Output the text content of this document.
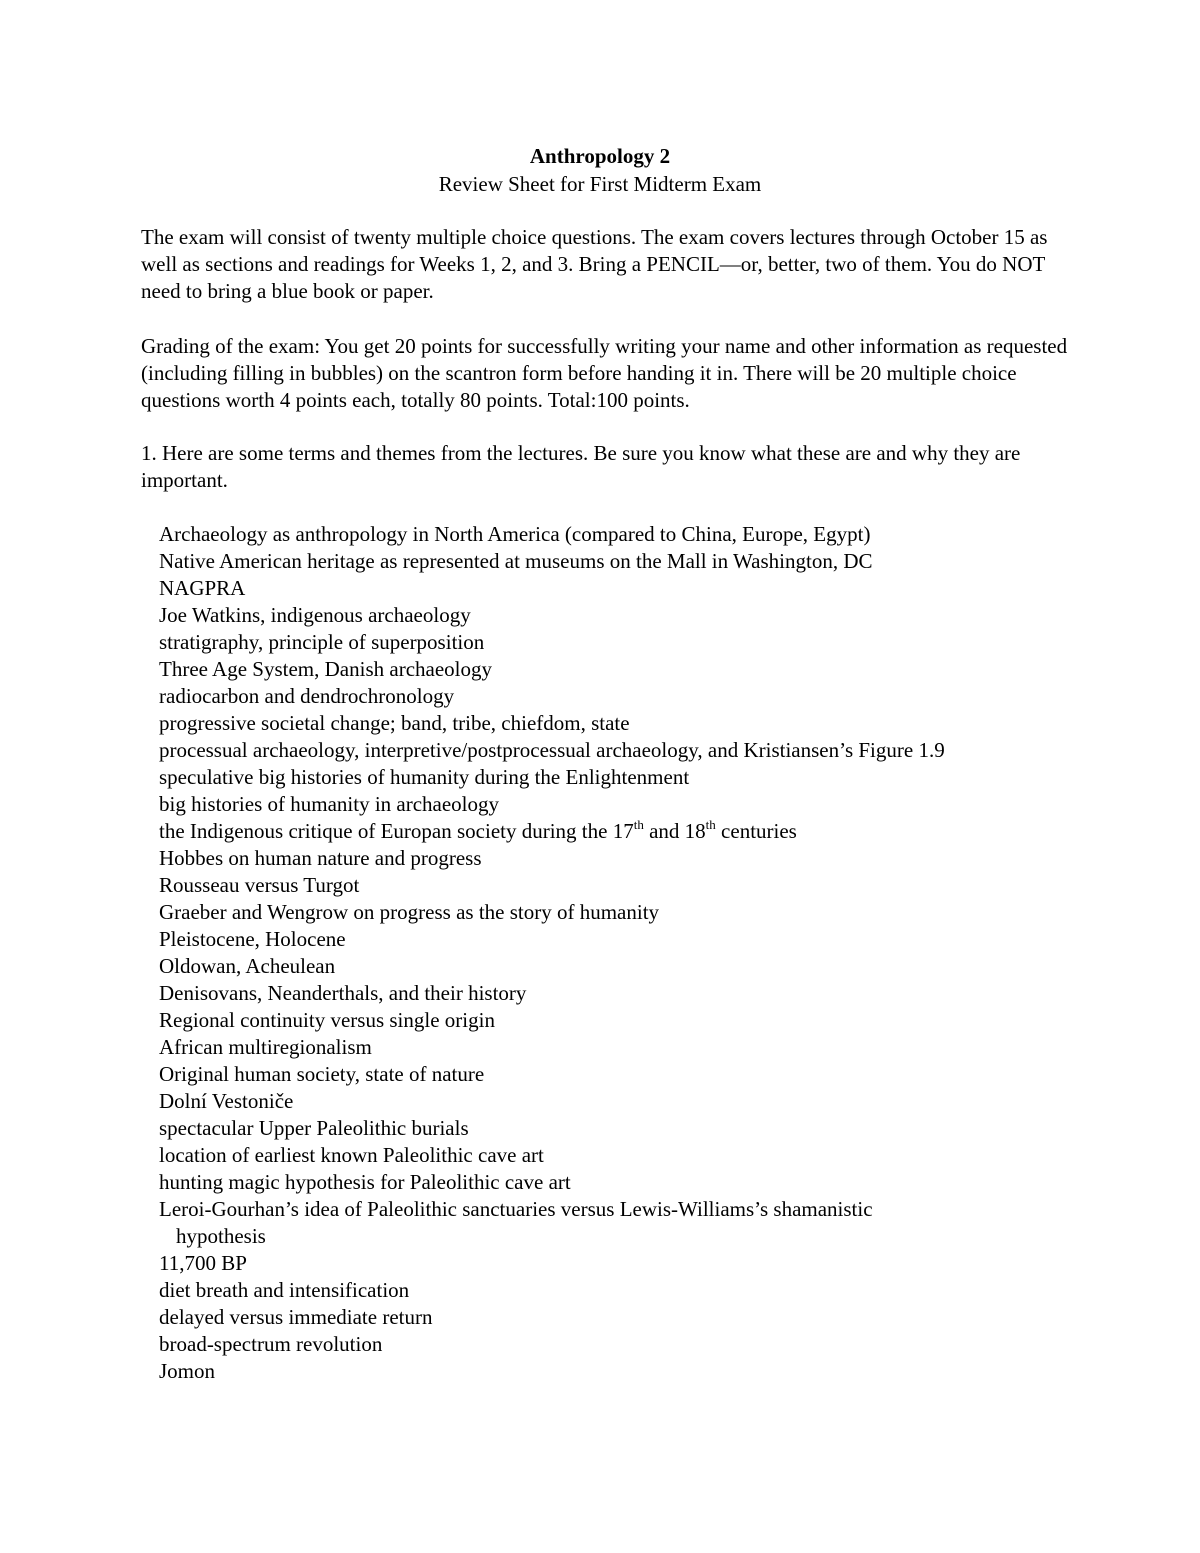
Anthropology 2
Review Sheet for First Midterm Exam

The exam will consist of twenty multiple choice questions. The exam covers lectures through October 15 as well as sections and readings for Weeks 1, 2, and 3. Bring a PENCIL—or, better, two of them. You do NOT need to bring a blue book or paper.

Grading of the exam: You get 20 points for successfully writing your name and other information as requested (including filling in bubbles) on the scantron form before handing it in. There will be 20 multiple choice questions worth 4 points each, totally 80 points. Total:100 points.

1. Here are some terms and themes from the lectures. Be sure you know what these are and why they are important.

Archaeology as anthropology in North America (compared to China, Europe, Egypt)
Native American heritage as represented at museums on the Mall in Washington, DC
NAGPRA
Joe Watkins, indigenous archaeology
stratigraphy, principle of superposition
Three Age System, Danish archaeology
radiocarbon and dendrochronology
progressive societal change; band, tribe, chiefdom, state
processual archaeology, interpretive/postprocessual archaeology, and Kristiansen’s Figure 1.9
speculative big histories of humanity during the Enlightenment
big histories of humanity in archaeology
the Indigenous critique of Europan society during the 17th and 18th centuries
Hobbes on human nature and progress
Rousseau versus Turgot
Graeber and Wengrow on progress as the story of humanity
Pleistocene, Holocene
Oldowan, Acheulean
Denisovans, Neanderthals, and their history
Regional continuity versus single origin
African multiregionalism
Original human society, state of nature
Dolní Vestoniče
spectacular Upper Paleolithic burials
location of earliest known Paleolithic cave art
hunting magic hypothesis for Paleolithic cave art
Leroi-Gourhan’s idea of Paleolithic sanctuaries versus Lewis-Williams’s shamanistic
hypothesis
11,700 BP
diet breath and intensification
delayed versus immediate return
broad-spectrum revolution
Jomon
